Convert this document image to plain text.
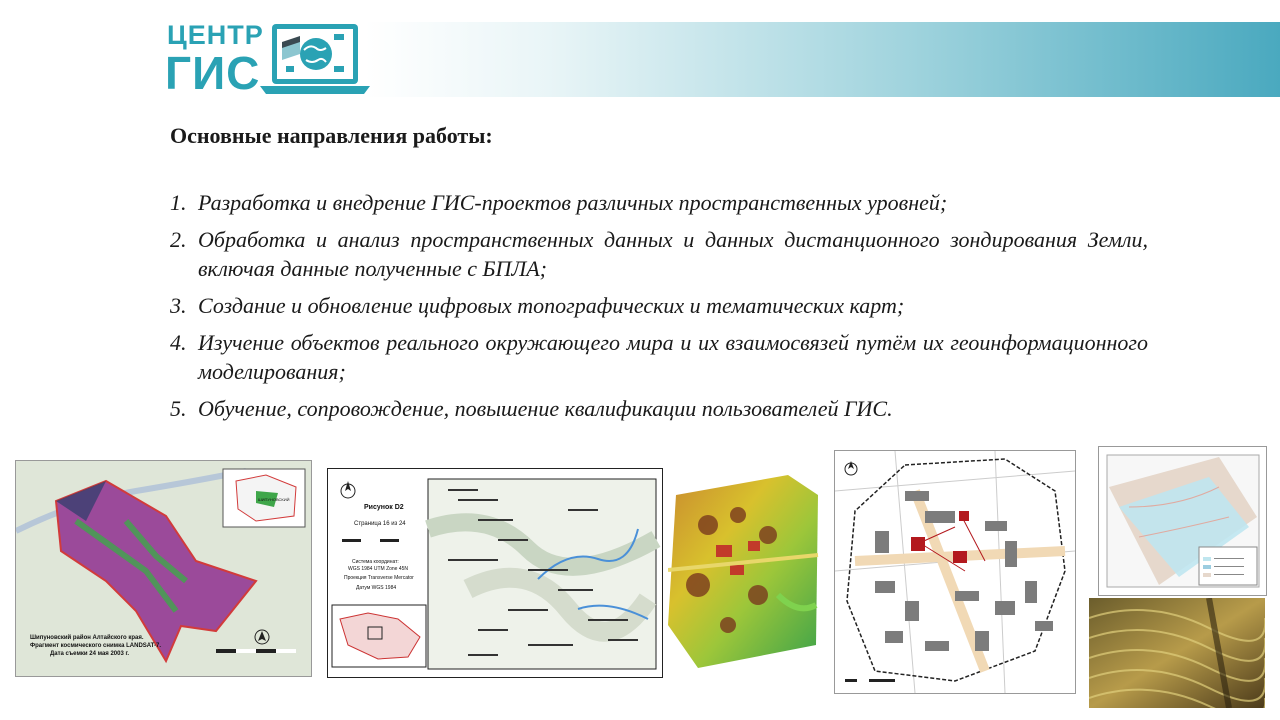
ЦЕНТР
ГИС
Основные направления работы:
1. Разработка и внедрение ГИС-проектов различных пространственных уровней;
2. Обработка и анализ пространственных данных и данных дистанционного зондирования Земли, включая данные полученные с БПЛА;
3. Создание и обновление цифровых топографических и тематических карт;
4. Изучение объектов реального окружающего мира и их взаимосвязей путём их геоинформационного моделирования;
5. Обучение, сопровождение, повышение квалификации пользователей ГИС.
ШИПУНОВСКИЙ
Шипуновский район Алтайского края.
Фрагмент космического снимка LANDSAT-7.
Дата съемки 24 мая 2003 г.
Рисунок D2
Страница 16 из 24
Система координат:
WGS 1984 UTM Zone 45N
Проекция Transverse Mercator
Датум WGS 1984
